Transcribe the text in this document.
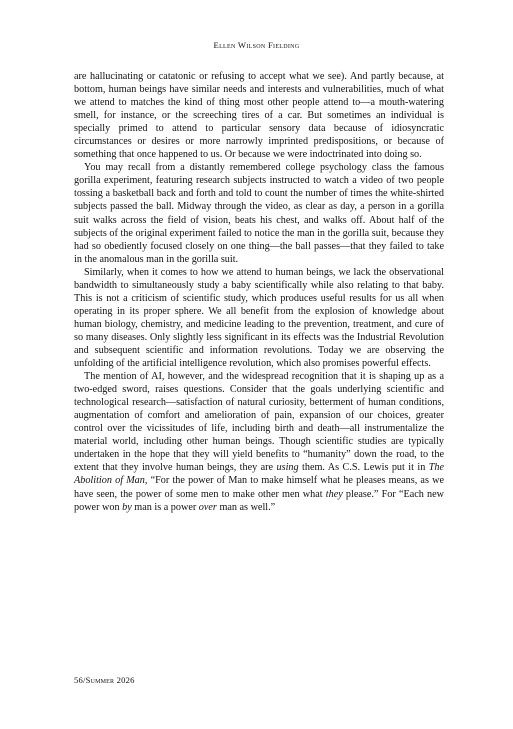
Ellen Wilson Fielding

are hallucinating or catatonic or refusing to accept what we see). And partly because, at bottom, human beings have similar needs and interests and vulnerabilities, much of what we attend to matches the kind of thing most other people attend to—a mouth-watering smell, for instance, or the screeching tires of a car. But sometimes an individual is specially primed to attend to particular sensory data because of idiosyncratic circumstances or desires or more narrowly imprinted predispositions, or because of something that once happened to us. Or because we were indoctrinated into doing so.

You may recall from a distantly remembered college psychology class the famous gorilla experiment, featuring research subjects instructed to watch a video of two people tossing a basketball back and forth and told to count the number of times the white-shirted subjects passed the ball. Midway through the video, as clear as day, a person in a gorilla suit walks across the field of vision, beats his chest, and walks off. About half of the subjects of the original experiment failed to notice the man in the gorilla suit, because they had so obediently focused closely on one thing—the ball passes—that they failed to take in the anomalous man in the gorilla suit.

Similarly, when it comes to how we attend to human beings, we lack the observational bandwidth to simultaneously study a baby scientifically while also relating to that baby. This is not a criticism of scientific study, which produces useful results for us all when operating in its proper sphere. We all benefit from the explosion of knowledge about human biology, chemistry, and medicine leading to the prevention, treatment, and cure of so many diseases. Only slightly less significant in its effects was the Industrial Revolution and subsequent scientific and information revolutions. Today we are observing the unfolding of the artificial intelligence revolution, which also promises powerful effects.

The mention of AI, however, and the widespread recognition that it is shaping up as a two-edged sword, raises questions. Consider that the goals underlying scientific and technological research—satisfaction of natural curiosity, betterment of human conditions, augmentation of comfort and amelioration of pain, expansion of our choices, greater control over the vicissitudes of life, including birth and death—all instrumentalize the material world, including other human beings. Though scientific studies are typically undertaken in the hope that they will yield benefits to “humanity” down the road, to the extent that they involve human beings, they are using them. As C.S. Lewis put it in The Abolition of Man, “For the power of Man to make himself what he pleases means, as we have seen, the power of some men to make other men what they please.” For “Each new power won by man is a power over man as well.”

56/Summer 2026
